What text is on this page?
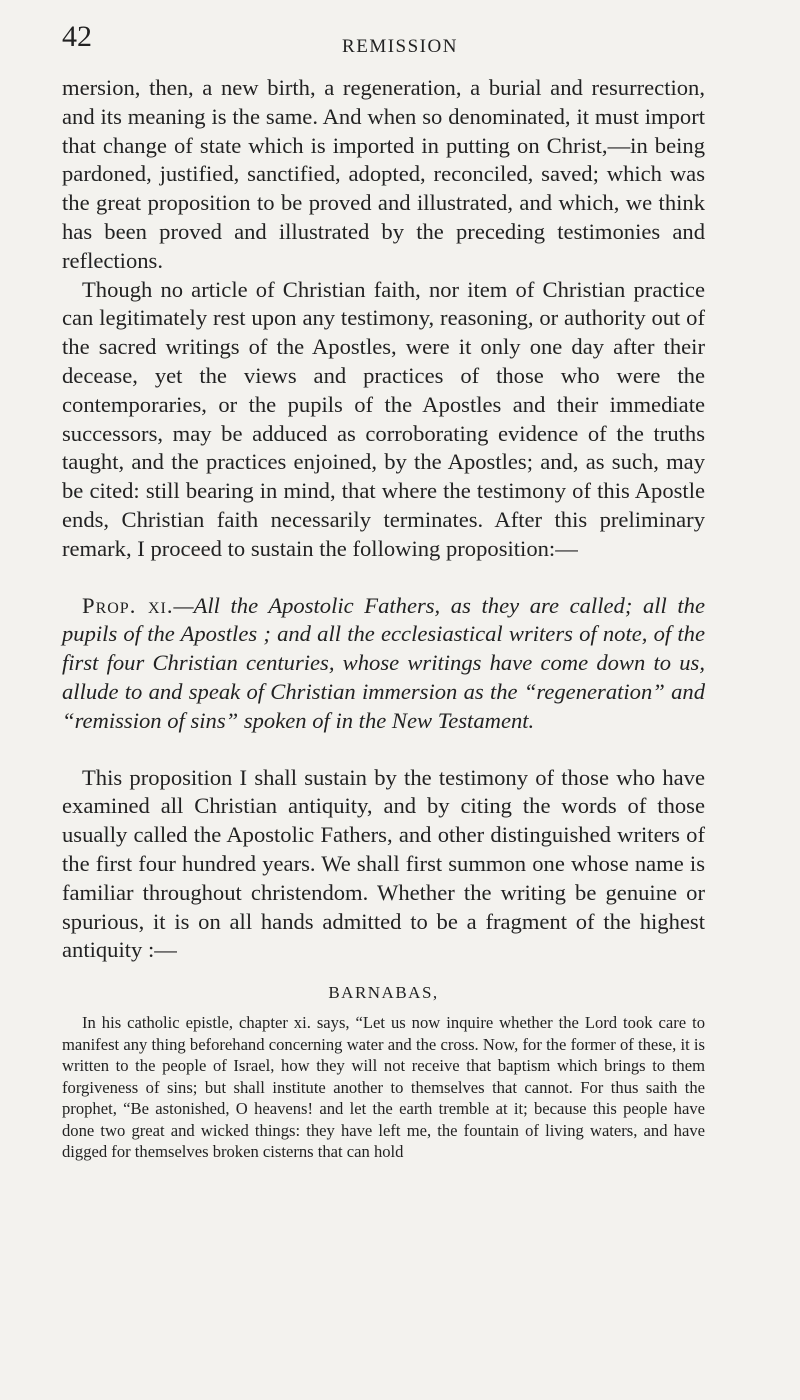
42	REMISSION

mersion, then, a new birth, a regeneration, a burial and resurrection, and its meaning is the same. And when so denominated, it must import that change of state which is imported in putting on Christ,—in being pardoned, justified, sanctified, adopted, reconciled, saved; which was the great proposition to be proved and illustrated, and which, we think has been proved and illustrated by the preceding testimonies and reflections.

Though no article of Christian faith, nor item of Christian practice can legitimately rest upon any testimony, reasoning, or authority out of the sacred writings of the Apostles, were it only one day after their decease, yet the views and practices of those who were the contemporaries, or the pupils of the Apostles and their immediate successors, may be adduced as corroborating evidence of the truths taught, and the practices enjoined, by the Apostles; and, as such, may be cited: still bearing in mind, that where the testimony of this Apostle ends, Christian faith necessarily terminates. After this preliminary remark, I proceed to sustain the following proposition:—

Prop. xi.—All the Apostolic Fathers, as they are called; all the pupils of the Apostles ; and all the ecclesiastical writers of note, of the first four Christian centuries, whose writings have come down to us, allude to and speak of Christian immersion as the “regeneration” and “remission of sins” spoken of in the New Testament.

This proposition I shall sustain by the testimony of those who have examined all Christian antiquity, and by citing the words of those usually called the Apostolic Fathers, and other distinguished writers of the first four hundred years. We shall first summon one whose name is familiar throughout christendom. Whether the writing be genuine or spurious, it is on all hands admitted to be a fragment of the highest antiquity :—

BARNABAS,

In his catholic epistle, chapter xi. says, “Let us now inquire whether the Lord took care to manifest any thing beforehand concerning water and the cross. Now, for the former of these, it is written to the people of Israel, how they will not receive that baptism which brings to them forgiveness of sins; but shall institute another to themselves that cannot. For thus saith the prophet, “Be astonished, O heavens! and let the earth tremble at it; because this people have done two great and wicked things: they have left me, the fountain of living waters, and have digged for themselves broken cisterns that can hold
